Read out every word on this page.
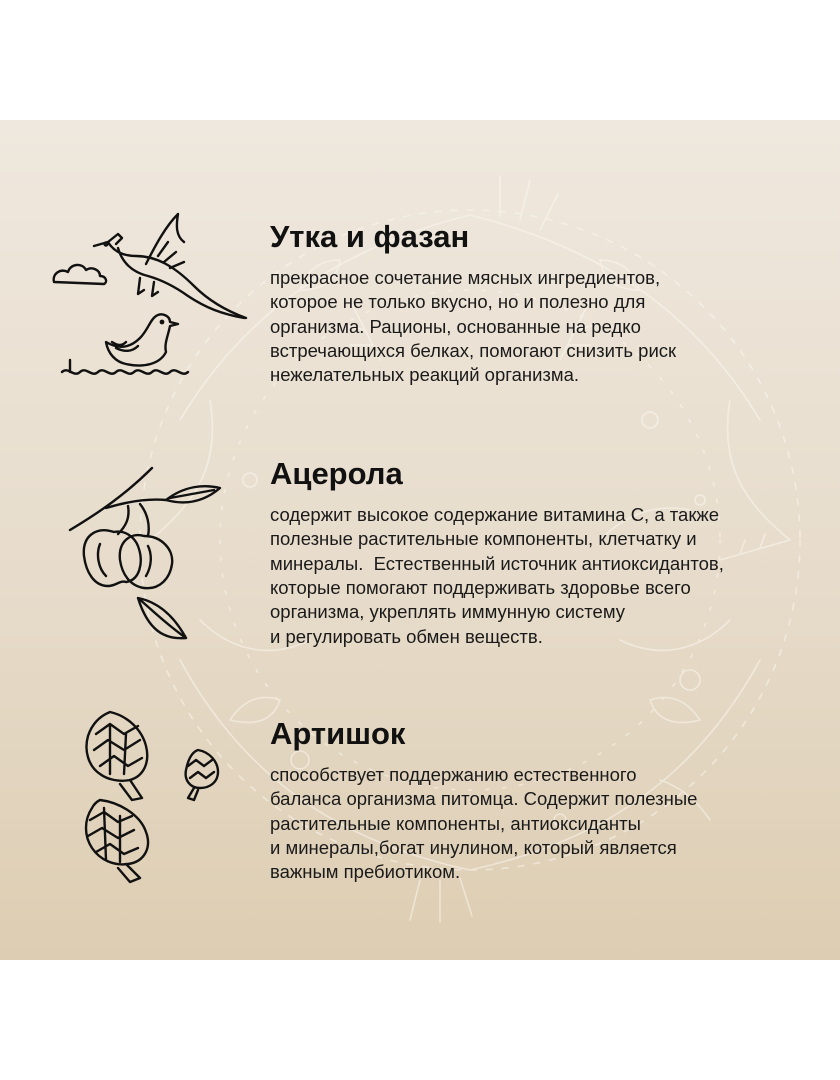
Утка и фазан
прекрасное сочетание мясных ингредиентов,
которое не только вкусно, но и полезно для
организма. Рационы, основанные на редко
встречающихся белках, помогают снизить риск
нежелательных реакций организма.
Ацерола
содержит высокое содержание витамина С, а также
полезные растительные компоненты, клетчатку и
минералы.  Естественный источник антиоксидантов,
которые помогают поддерживать здоровье всего
организма, укреплять иммунную систему
и регулировать обмен веществ.
Артишок
способствует поддержанию естественного
баланса организма питомца. Содержит полезные
растительные компоненты, антиоксиданты
и минералы,богат инулином, который является
важным пребиотиком.
